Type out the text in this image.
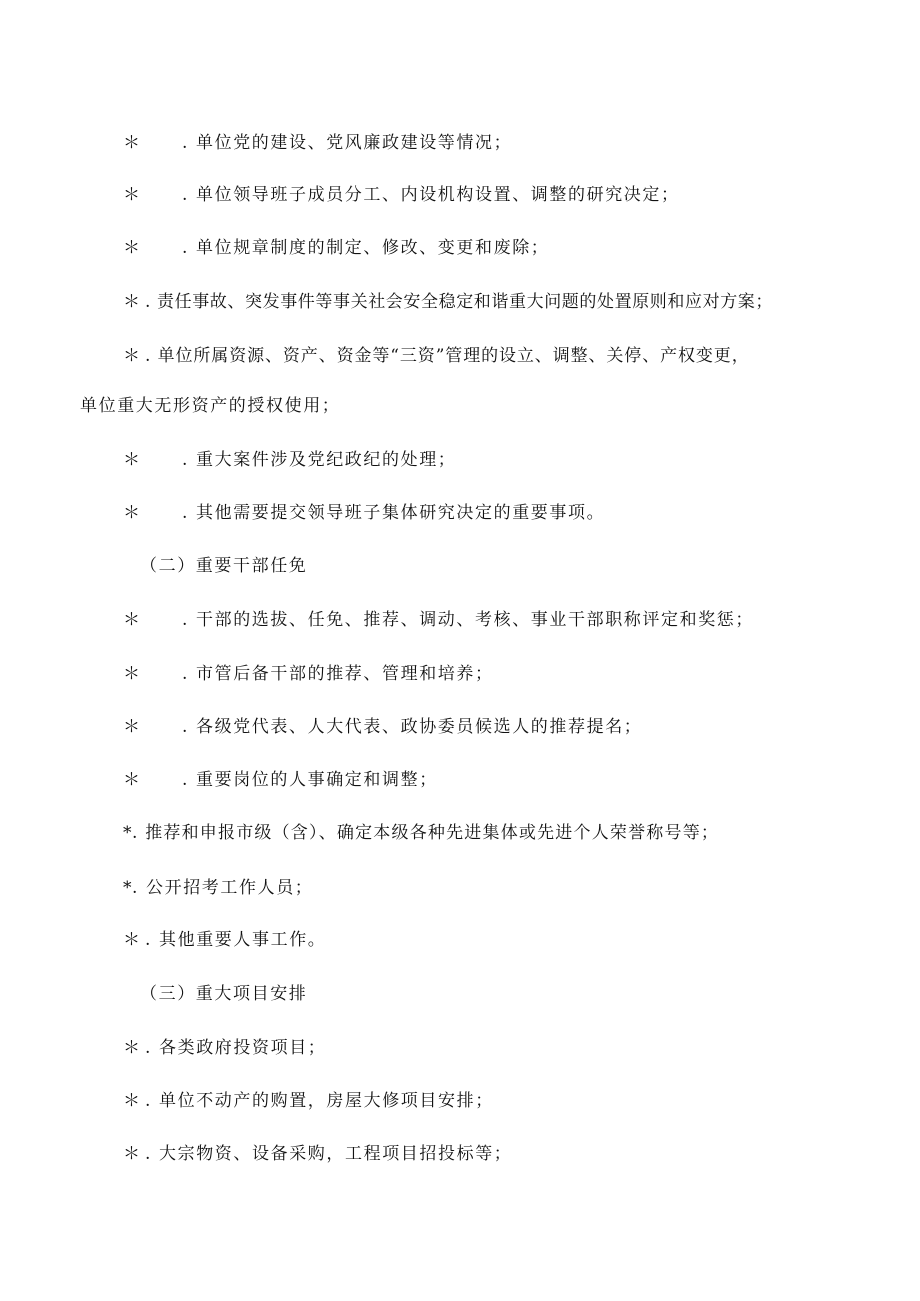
＊ . 单位党的建设、党风廉政建设等情况；
＊ . 单位领导班子成员分工、内设机构设置、调整的研究决定；
＊ . 单位规章制度的制定、修改、变更和废除；
＊ . 责任事故、突发事件等事关社会安全稳定和谐重大问题的处置原则和应对方案；
＊ . 单位所属资源、资产、资金等“三资”管理的设立、调整、关停、产权变更，
单位重大无形资产的授权使用；
＊ . 重大案件涉及党纪政纪的处理；
＊ . 其他需要提交领导班子集体研究决定的重要事项。
（二）重要干部任免
＊ . 干部的选拔、任免、推荐、调动、考核、事业干部职称评定和奖惩；
＊ . 市管后备干部的推荐、管理和培养；
＊ . 各级党代表、人大代表、政协委员候选人的推荐提名；
＊ . 重要岗位的人事确定和调整；
* . 推荐和申报市级（含）、确定本级各种先进集体或先进个人荣誉称号等；
*
. 公开招考工作人员；
＊ . 其他重要人事工作。
（三）重大项目安排
＊ . 各类政府投资项目；
＊ . 单位不动产的购置，房屋大修项目安排；
＊ . 大宗物资、设备采购，工程项目招投标等；
